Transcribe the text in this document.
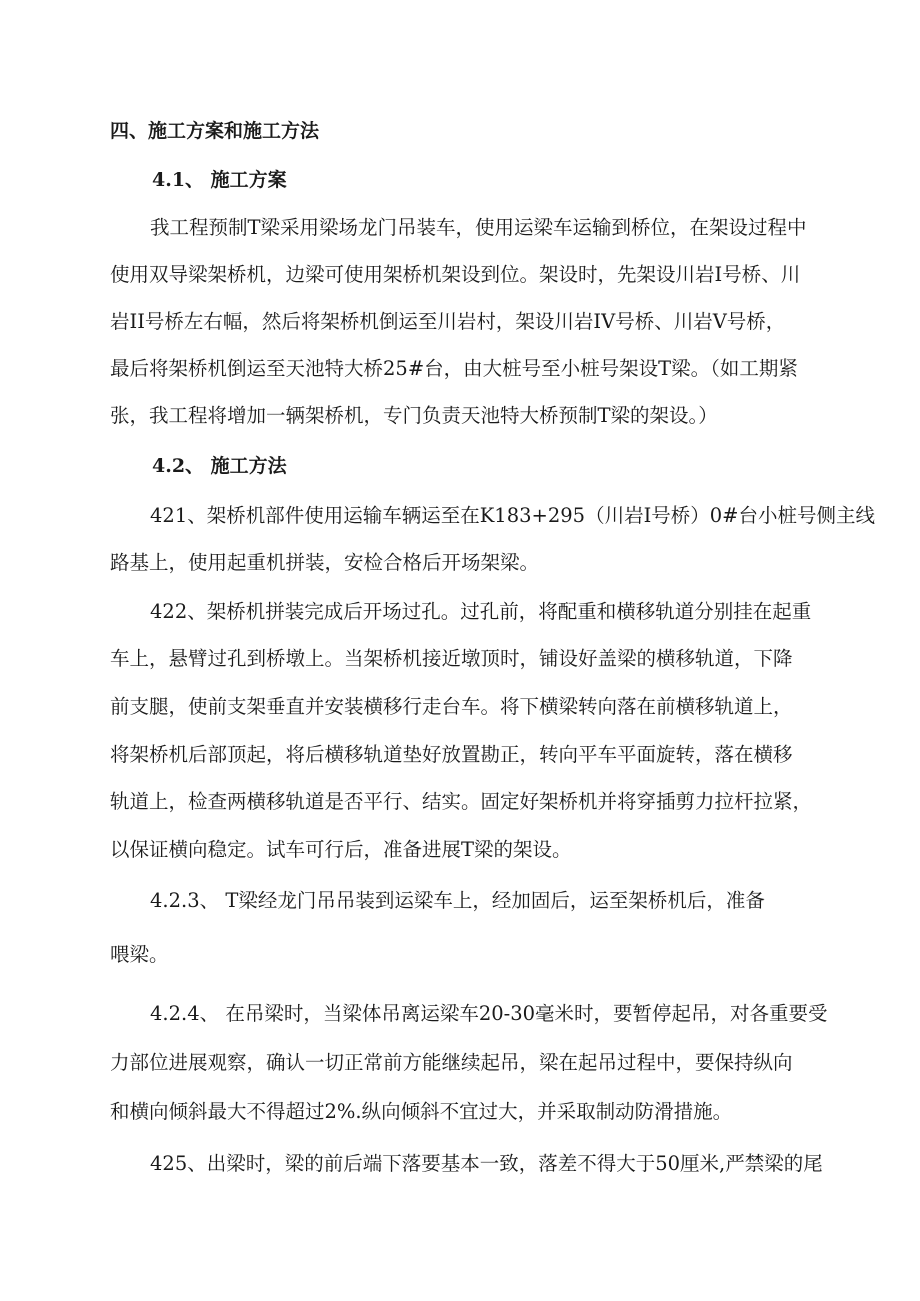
四、施工方案和施工方法
4.1、 施工方案
我工程预制T梁采用梁场龙门吊装车，使用运梁车运输到桥位，在架设过程中
使用双导梁架桥机，边梁可使用架桥机架设到位。架设时，先架设川岩I号桥、川
岩II号桥左右幅，然后将架桥机倒运至川岩村，架设川岩IV号桥、川岩V号桥，
最后将架桥机倒运至天池特大桥25#台，由大桩号至小桩号架设T梁。（如工期紧
张，我工程将增加一辆架桥机，专门负责天池特大桥预制T梁的架设。）
4.2、 施工方法
421、架桥机部件使用运输车辆运至在K183+295（川岩I号桥）0#台小桩号侧主线
路基上，使用起重机拼装，安检合格后开场架梁。
422、架桥机拼装完成后开场过孔。过孔前，将配重和横移轨道分别挂在起重
车上，悬臂过孔到桥墩上。当架桥机接近墩顶时，铺设好盖梁的横移轨道，下降
前支腿，使前支架垂直并安装横移行走台车。将下横梁转向落在前横移轨道上，
将架桥机后部顶起，将后横移轨道垫好放置勘正，转向平车平面旋转，落在横移
轨道上，检查两横移轨道是否平行、结实。固定好架桥机并将穿插剪力拉杆拉紧，
以保证横向稳定。试车可行后，准备进展T梁的架设。
4.2.3、 T梁经龙门吊吊装到运梁车上，经加固后，运至架桥机后，准备
喂梁。
4.2.4、 在吊梁时，当梁体吊离运梁车20-30毫米时，要暂停起吊，对各重要受
力部位进展观察，确认一切正常前方能继续起吊，梁在起吊过程中，要保持纵向
和横向倾斜最大不得超过2%.纵向倾斜不宜过大，并采取制动防滑措施。
425、出梁时，梁的前后端下落要基本一致，落差不得大于50厘米,严禁梁的尾
